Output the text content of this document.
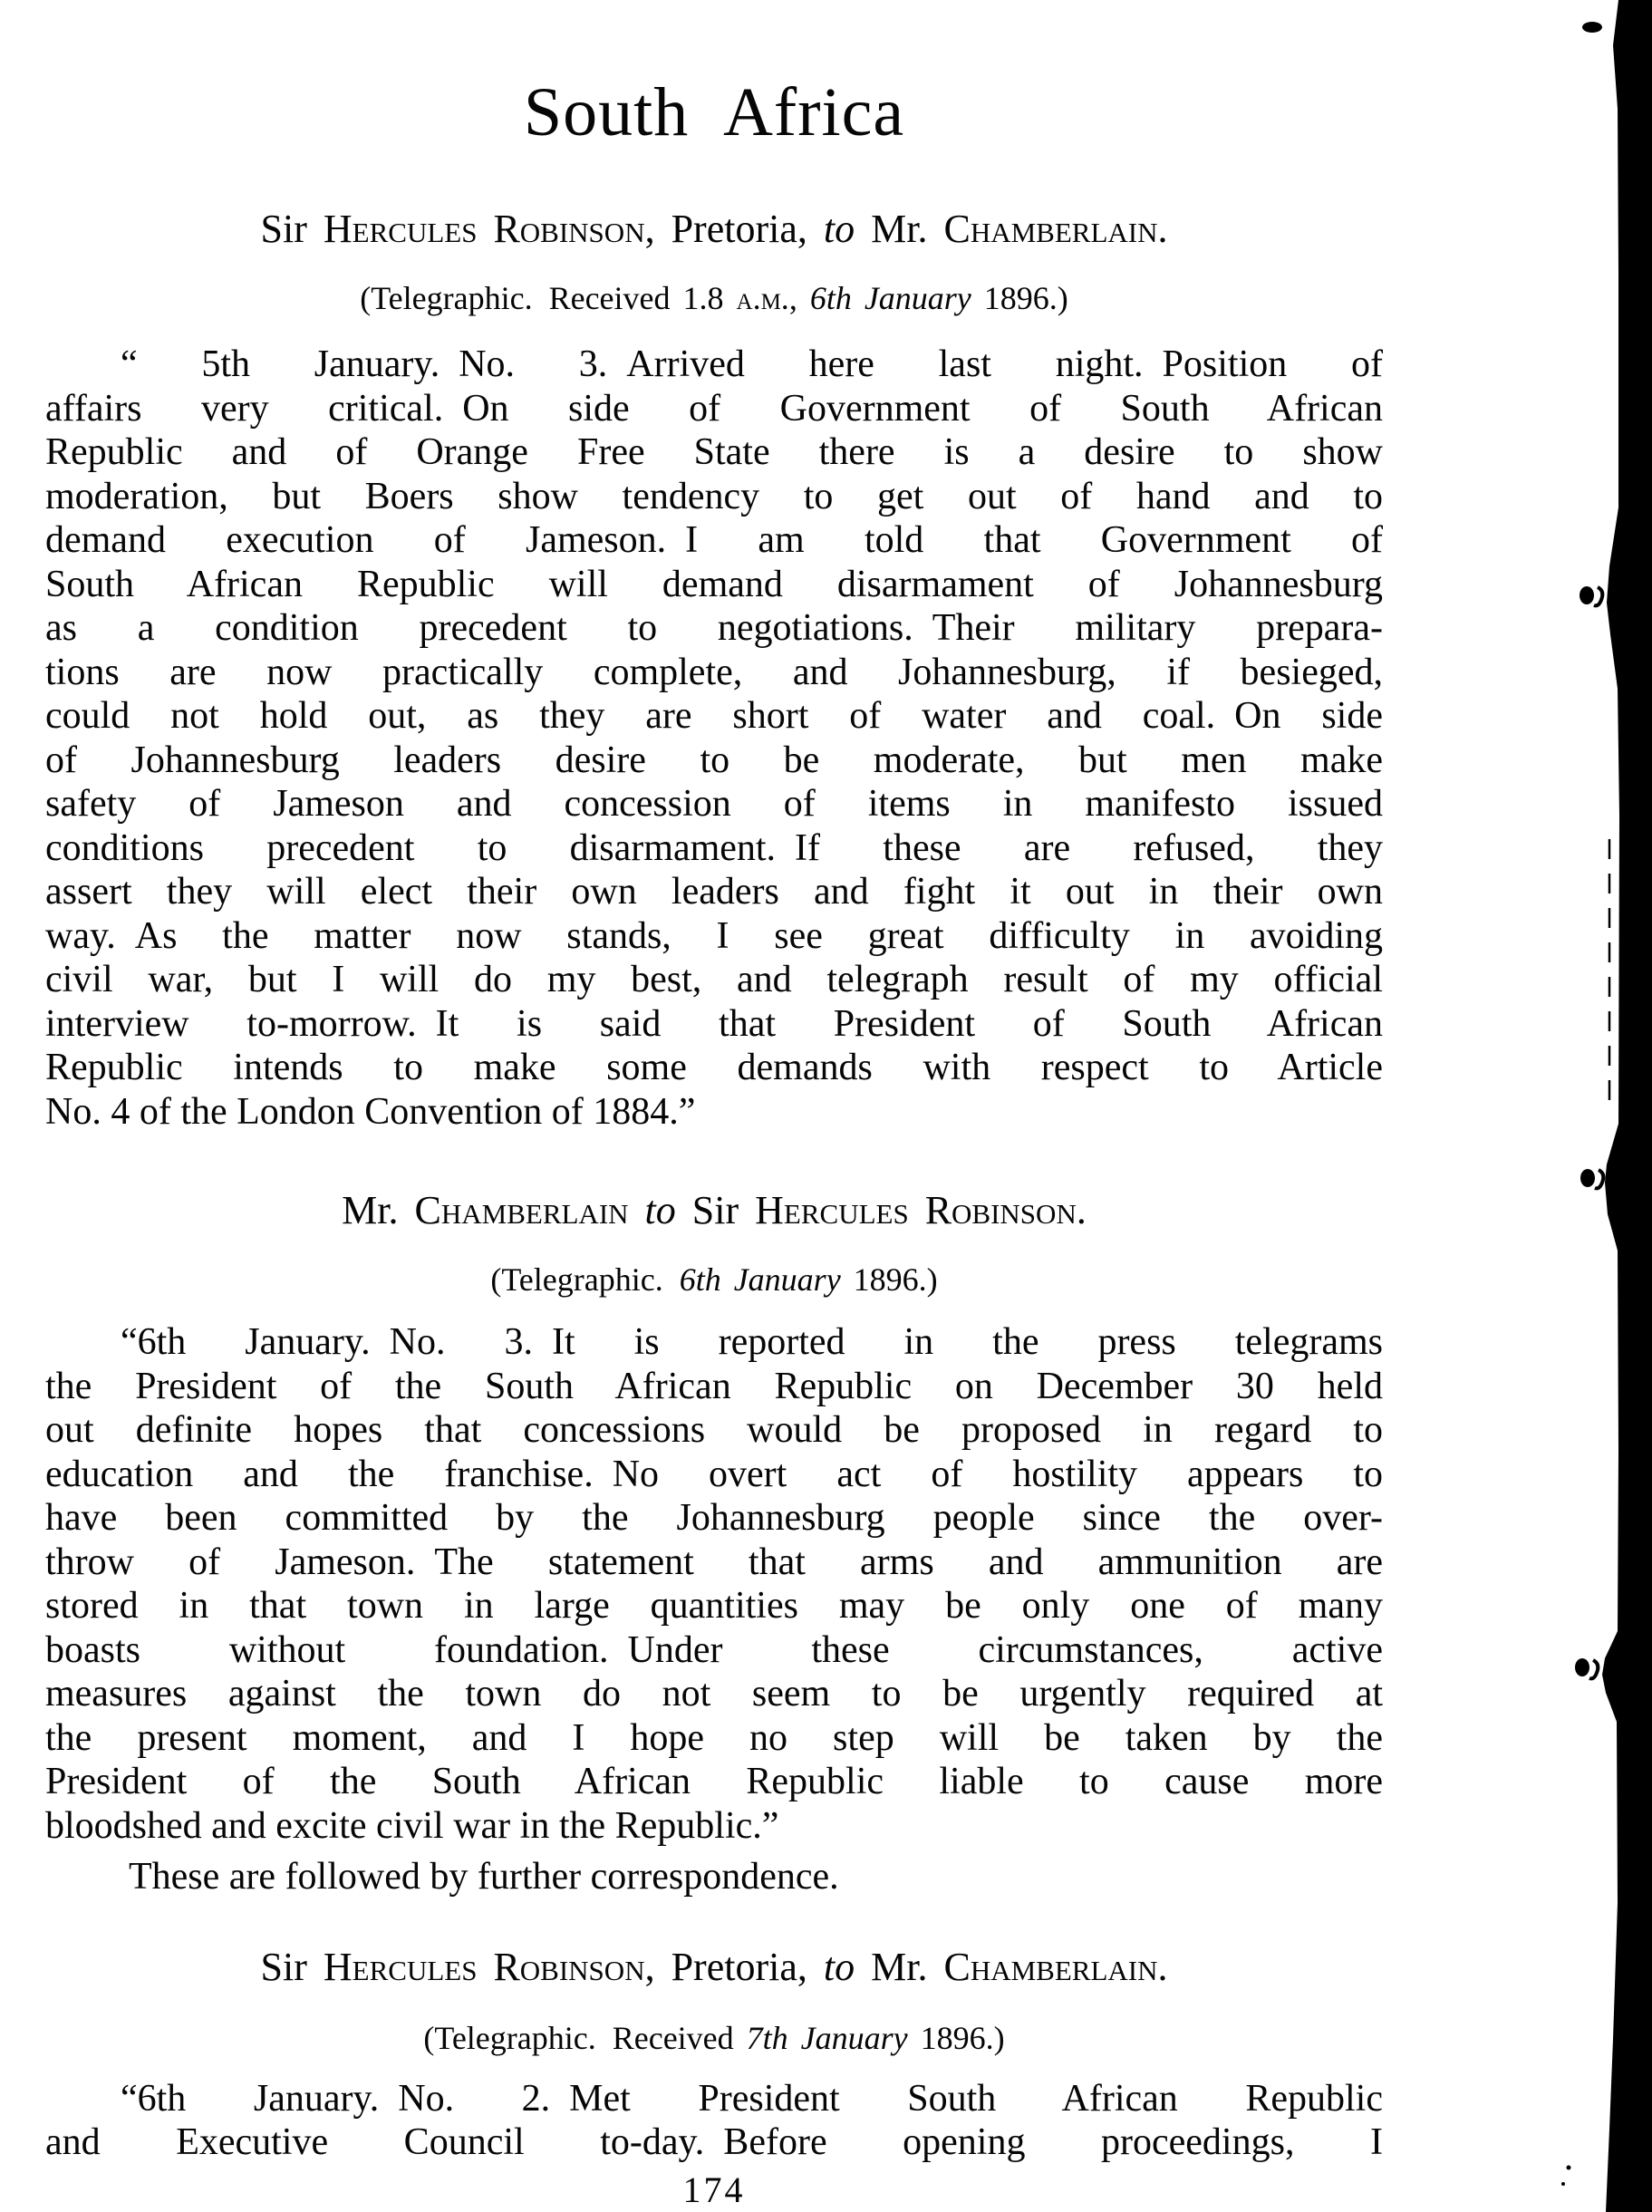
South Africa
Sir Hercules Robinson, Pretoria, to Mr. Chamberlain.
(Telegraphic. Received 1.8 a.m., 6th January 1896.)
“ 5th January. No. 3. Arrived here last night. Position of
affairs very critical. On side of Government of South African
Republic and of Orange Free State there is a desire to show
moderation, but Boers show tendency to get out of hand and to
demand execution of Jameson. I am told that Government of
South African Republic will demand disarmament of Johannesburg
as a condition precedent to negotiations. Their military prepara-
tions are now practically complete, and Johannesburg, if besieged,
could not hold out, as they are short of water and coal. On side
of Johannesburg leaders desire to be moderate, but men make
safety of Jameson and concession of items in manifesto issued
conditions precedent to disarmament. If these are refused, they
assert they will elect their own leaders and fight it out in their own
way. As the matter now stands, I see great difficulty in avoiding
civil war, but I will do my best, and telegraph result of my official
interview to-morrow. It is said that President of South African
Republic intends to make some demands with respect to Article
No. 4 of the London Convention of 1884.”
Mr. Chamberlain to Sir Hercules Robinson.
(Telegraphic. 6th January 1896.)
“6th January. No. 3. It is reported in the press telegrams
the President of the South African Republic on December 30 held
out definite hopes that concessions would be proposed in regard to
education and the franchise. No overt act of hostility appears to
have been committed by the Johannesburg people since the over-
throw of Jameson. The statement that arms and ammunition are
stored in that town in large quantities may be only one of many
boasts without foundation. Under these circumstances, active
measures against the town do not seem to be urgently required at
the present moment, and I hope no step will be taken by the
President of the South African Republic liable to cause more
bloodshed and excite civil war in the Republic.”
These are followed by further correspondence.
Sir Hercules Robinson, Pretoria, to Mr. Chamberlain.
(Telegraphic. Received 7th January 1896.)
“6th January. No. 2. Met President South African Republic
and Executive Council to-day. Before opening proceedings, I
174
